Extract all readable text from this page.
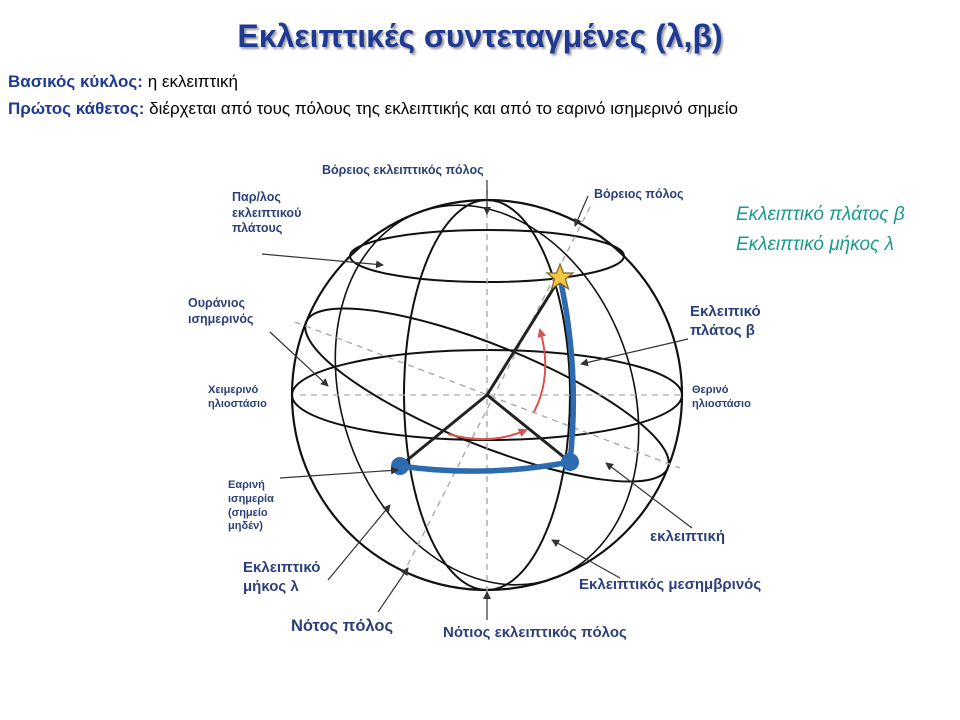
Εκλειπτικές συντεταγμένες (λ,β)
Βασικός κύκλος: η εκλειπτική
Πρώτος κάθετος: διέρχεται από τους πόλους της εκλειπτικής και από το εαρινό ισημερινό σημείο
Εκλειπτικό πλάτος β
Εκλειπτικό μήκος λ
Βόρειος εκλειπτικός πόλος
Βόρειος πόλος
Παρ/λος
εκλειπτικού
πλάτους
Ουράνιος
ισημερινός
Χειμερινό
ηλιοστάσιο
Θερινό
ηλιοστάσιο
Εκλειπικό
πλάτος β
Εαρινή
ισημερία
(σημείο
μηδέν)
εκλειπτική
Εκλειπτικό
μήκος λ	Εκλειπτικός μεσημβρινός
Νότος πόλος	Νότιος εκλειπτικός πόλος
